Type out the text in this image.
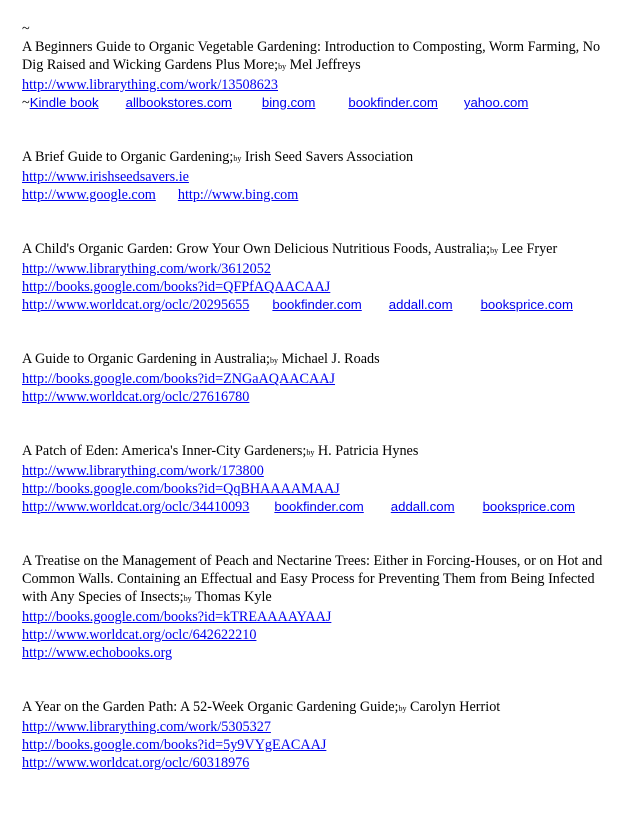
~
A Beginners Guide to Organic Vegetable Gardening: Introduction to Composting, Worm Farming, No Dig Raised and Wicking Gardens Plus More;by Mel Jeffreys
http://www.librarything.com/work/13508623
~Kindle book allbookstores.com bing.com	bookfinder.com yahoo.com
A Brief Guide to Organic Gardening;by Irish Seed Savers Association
http://www.irishseedsavers.ie
http://www.google.com http://www.bing.com
A Child's Organic Garden: Grow Your Own Delicious Nutritious Foods, Australia;by Lee Fryer
http://www.librarything.com/work/3612052
http://books.google.com/books?id=QFPfAQAACAAJ
http://www.worldcat.org/oclc/20295655 bookfinder.com addall.com booksprice.com
A Guide to Organic Gardening in Australia;by Michael J. Roads
http://books.google.com/books?id=ZNGaAQAACAAJ
http://www.worldcat.org/oclc/27616780
A Patch of Eden: America's Inner-City Gardeners;by H. Patricia Hynes
http://www.librarything.com/work/173800
http://books.google.com/books?id=QqBHAAAAMAAJ
http://www.worldcat.org/oclc/34410093 bookfinder.com addall.com booksprice.com
A Treatise on the Management of Peach and Nectarine Trees: Either in Forcing-Houses, or on Hot and Common Walls. Containing an Effectual and Easy Process for Preventing Them from Being Infected with Any Species of Insects;by Thomas Kyle
http://books.google.com/books?id=kTREAAAAYAAJ
http://www.worldcat.org/oclc/642622210
http://www.echobooks.org
A Year on the Garden Path: A 52-Week Organic Gardening Guide;by Carolyn Herriot
http://www.librarything.com/work/5305327
http://books.google.com/books?id=5y9VYgEACAAJ
http://www.worldcat.org/oclc/60318976
